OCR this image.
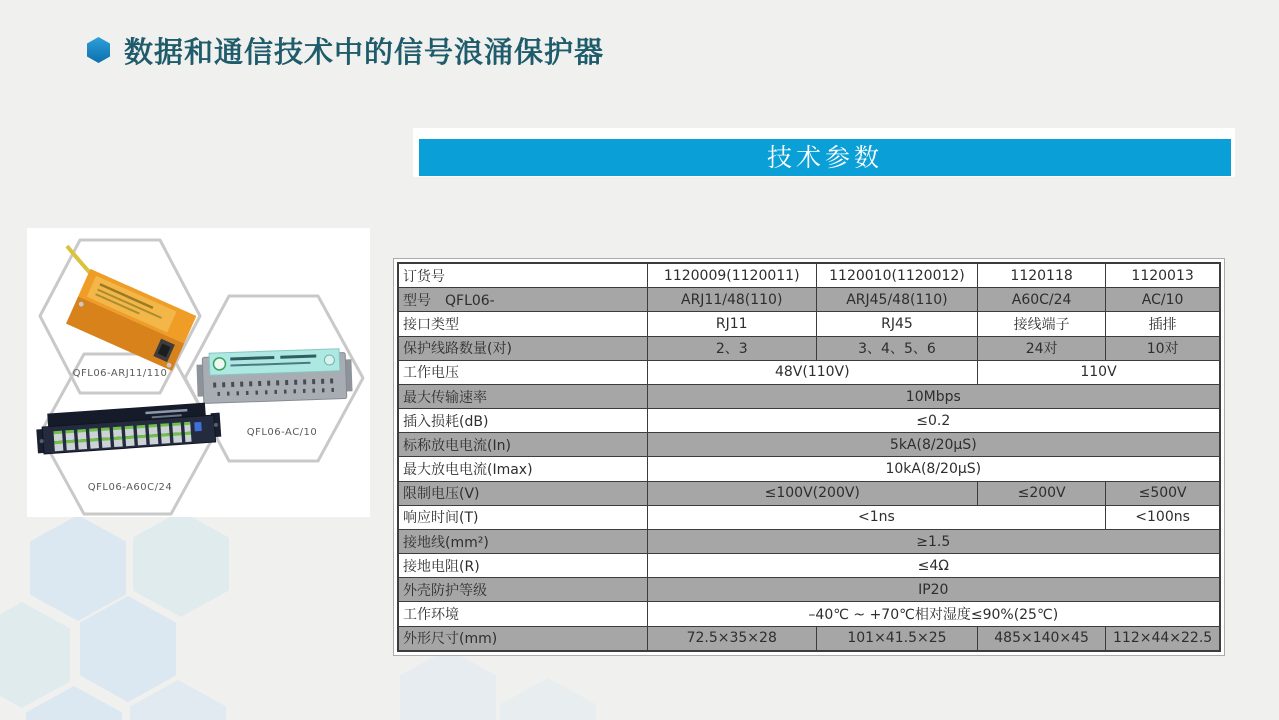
数据和通信技术中的信号浪涌保护器
技术参数
QFL06-ARJ11/110
QFL06-AC/10
QFL06-A60C/24
订货号	1120009(1120011)	1120010(1120012)	1120118	1120013
型号　QFL06-	ARJ11/48(110)	ARJ45/48(110)	A60C/24	AC/10
接口类型	RJ11	RJ45	接线端子	插排
保护线路数量(对)	2、3	3、4、5、6	24对	10对
工作电压	48V(110V)		110V	
最大传输速率	10Mbps			
插入损耗(dB)	≤0.2			
标称放电电流(In)	5kA(8/20μS)			
最大放电电流(Imax)	10kA(8/20μS)			
限制电压(V)	≤100V(200V)		≤200V	≤500V
响应时间(T)	<1ns			<100ns
接地线(mm²)	≥1.5			
接地电阻(R)	≤4Ω			
外壳防护等级	IP20			
工作环境	–40℃ ~ +70℃相对湿度≤90%(25℃)			
外形尺寸(mm)	72.5×35×28	101×41.5×25	485×140×45	112×44×22.5
